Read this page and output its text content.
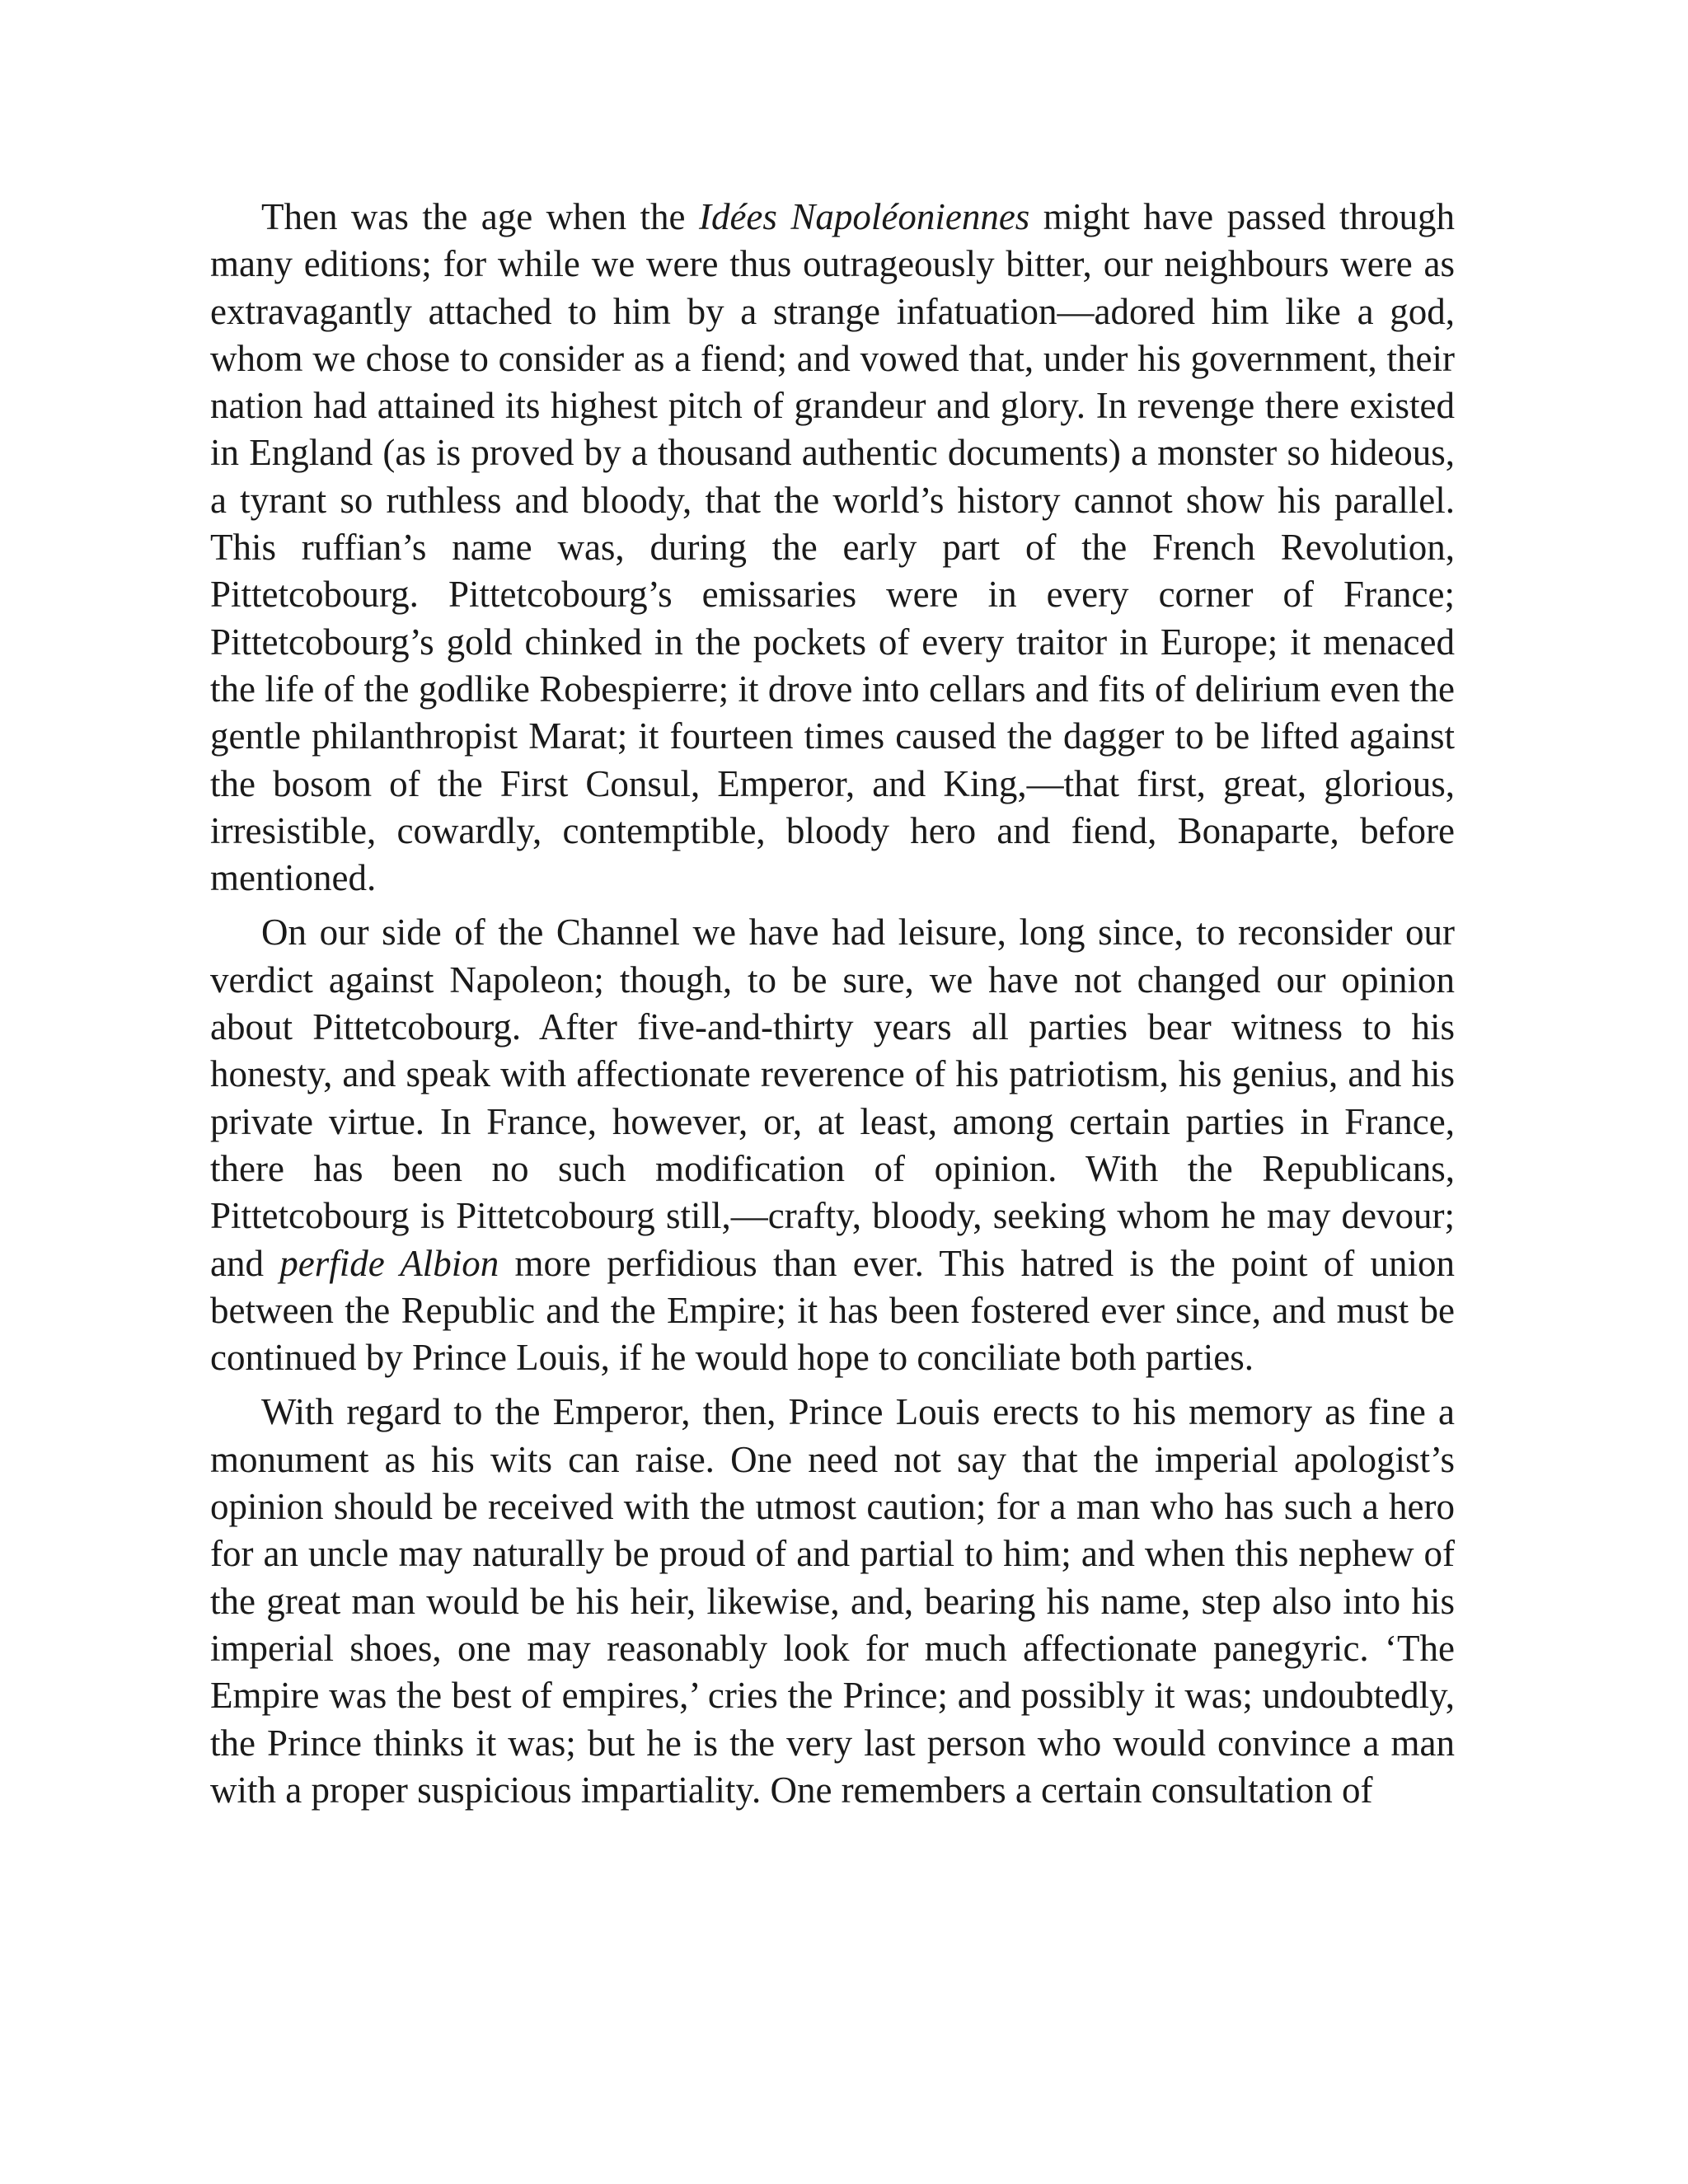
Then was the age when the Idées Napoléoniennes might have passed through many editions; for while we were thus outrageously bitter, our neighbours were as extravagantly attached to him by a strange infatuation—adored him like a god, whom we chose to consider as a fiend; and vowed that, under his government, their nation had attained its highest pitch of grandeur and glory. In revenge there existed in England (as is proved by a thousand authentic documents) a monster so hideous, a tyrant so ruthless and bloody, that the world’s history cannot show his parallel. This ruffian’s name was, during the early part of the French Revolution, Pittetcobourg. Pittetcobourg’s emissaries were in every corner of France; Pittetcobourg’s gold chinked in the pockets of every traitor in Europe; it menaced the life of the godlike Robespierre; it drove into cellars and fits of delirium even the gentle philanthropist Marat; it fourteen times caused the dagger to be lifted against the bosom of the First Consul, Emperor, and King,—that first, great, glorious, irresistible, cowardly, contemptible, bloody hero and fiend, Bonaparte, before mentioned.

On our side of the Channel we have had leisure, long since, to reconsider our verdict against Napoleon; though, to be sure, we have not changed our opinion about Pittetcobourg. After five-and-thirty years all parties bear witness to his honesty, and speak with affectionate reverence of his patriotism, his genius, and his private virtue. In France, however, or, at least, among certain parties in France, there has been no such modification of opinion. With the Republicans, Pittetcobourg is Pittetcobourg still,—crafty, bloody, seeking whom he may devour; and perfide Albion more perfidious than ever. This hatred is the point of union between the Republic and the Empire; it has been fostered ever since, and must be continued by Prince Louis, if he would hope to conciliate both parties.

With regard to the Emperor, then, Prince Louis erects to his memory as fine a monument as his wits can raise. One need not say that the imperial apologist’s opinion should be received with the utmost caution; for a man who has such a hero for an uncle may naturally be proud of and partial to him; and when this nephew of the great man would be his heir, likewise, and, bearing his name, step also into his imperial shoes, one may reasonably look for much affectionate panegyric. ‘The Empire was the best of empires,’ cries the Prince; and possibly it was; undoubtedly, the Prince thinks it was; but he is the very last person who would convince a man with a proper suspicious impartiality. One remembers a certain consultation of
